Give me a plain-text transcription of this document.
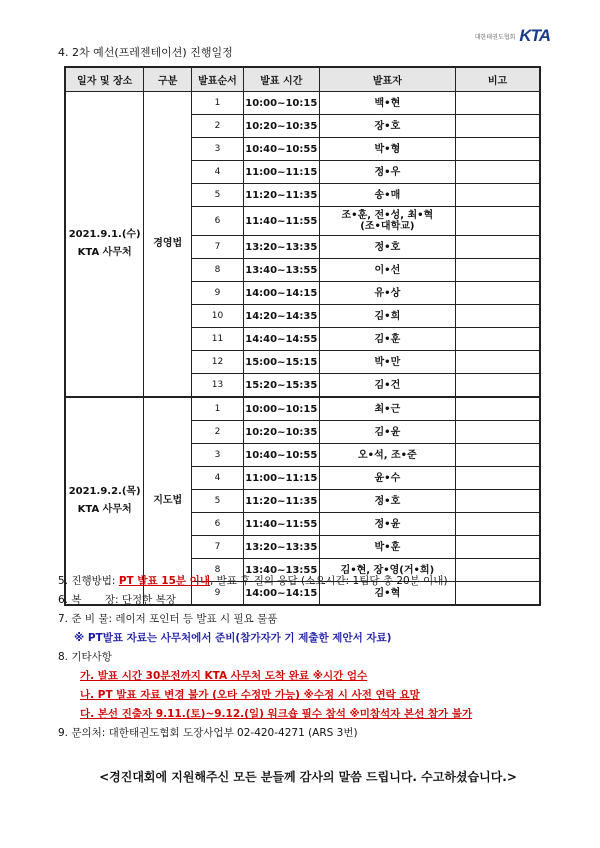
대한태권도협회 KTA
4. 2차 예선(프레젠테이션) 진행일정
일자 및 장소	구분	발표순서	발표 시간	발표자	비고

2021.9.1.(수)
KTA 사무처	경영법	1	10:00~10:15	백•현	
		2	10:20~10:35	장•호	
		3	10:40~10:55	박•형	
		4	11:00~11:15	정•우	
		5	11:20~11:35	송•매	
		6	11:40~11:55	조•훈, 전•성, 최•혁
(조•대학교)	

		7	13:20~13:35	정•호	
		8	13:40~13:55	이•선	
		9	14:00~14:15	유•상	
		10	14:20~14:35	김•희	
		11	14:40~14:55	김•훈	
		12	15:00~15:15	박•만	
		13	15:20~15:35	김•건	

2021.9.2.(목)
KTA 사무처	지도법	1	10:00~10:15	최•근	
		2	10:20~10:35	김•윤	
		3	10:40~10:55	오•석, 조•준	
		4	11:00~11:15	윤•수	
		5	11:20~11:35	정•호	
		6	11:40~11:55	정•윤	
		7	13:20~13:35	박•훈	
		8	13:40~13:55	김•현, 장•영(거•희)	
		9	14:00~14:15	김•혁	

5. 진행방법: PT 발표 15분 이내, 발표 후 질의 응답 (소요시간: 1팀당 총 20분 이내)

6. 복       장: 단정한 복장

7. 준 비 물: 레이저 포인터 등 발표 시 필요 물품

※ PT발표 자료는 사무처에서 준비(참가자가 기 제출한 제안서 자료)

8. 기타사항

가. 발표 시간 30분전까지 KTA 사무처 도착 완료 ※시간 엄수

나. PT 발표 자료 변경 불가 (오타 수정만 가능) ※수정 시 사전 연락 요망

다. 본선 진출자 9.11.(토)~9.12.(일) 워크숍 필수 참석 ※미참석자 본선 참가 불가

9. 문의처: 대한태권도협회 도장사업부 02-420-4271 (ARS 3번)

<경진대회에 지원해주신 모든 분들께 감사의 말씀 드립니다. 수고하셨습니다.>
